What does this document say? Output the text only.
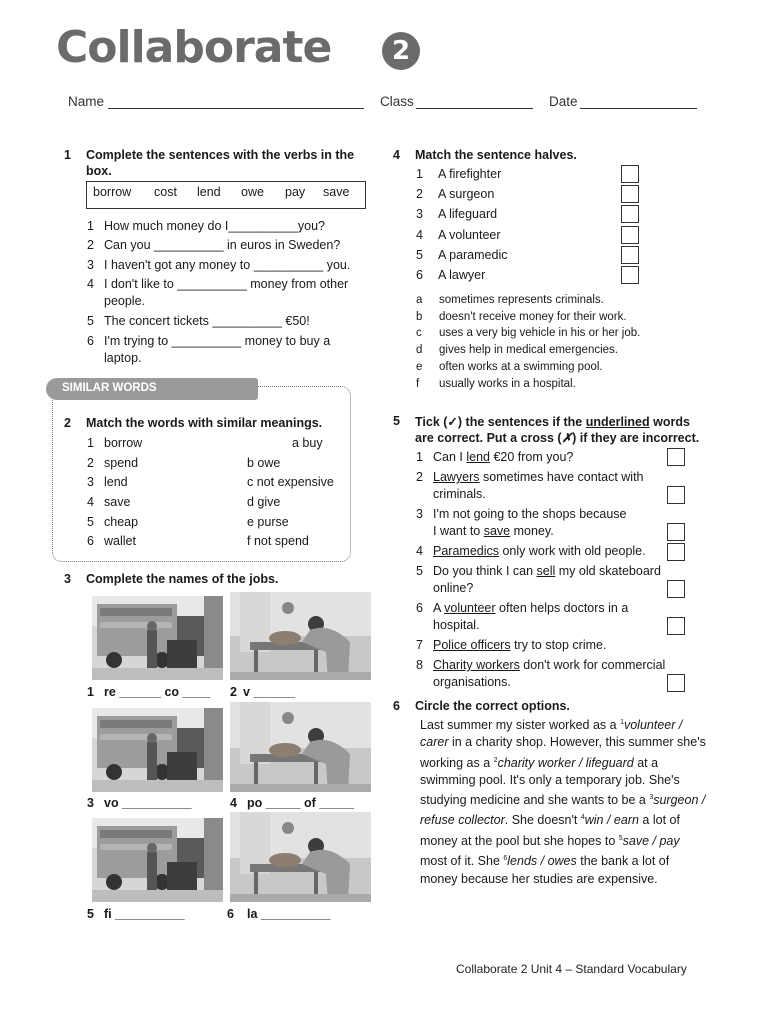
Collaborate	2
Name	Class	Date
1 Complete the sentences with the verbs in the
box.
borrow cost lend owe pay save
1 How much money do I__________you?
2 Can you __________ in euros in Sweden?
3 I haven't got any money to __________ you.
4 I don't like to __________ money from other
people.
5 The concert tickets __________ €50!
6 I'm trying to __________ money to buy a
laptop.
SIMILAR WORDS
2 Match the words with similar meanings.
1 borrow	a buy
2 spend	b owe
3 lend	c not expensive
4 save	d give
5 cheap	e purse
6 wallet	f not spend
3 Complete the names of the jobs.
1 re ______ co ____ 2 v ______
3 vo __________	4 po _____ of _____
5 fi __________	6 la __________
4 Match the sentence halves.
1 A firefighter
2 A surgeon
3 A lifeguard
4 A volunteer
5 A paramedic
6 A lawyer
a sometimes represents criminals.
b doesn't receive money for their work.
c uses a very big vehicle in his or her job.
d gives help in medical emergencies.
e often works at a swimming pool.
f usually works in a hospital.
5 Tick (✓) the sentences if the underlined words
are correct. Put a cross (✗) if they are incorrect.
1 Can I lend €20 from you?
2 Lawyers sometimes have contact with
criminals.
3 I'm not going to the shops because
I want to save money.
4 Paramedics only work with old people.
5 Do you think I can sell my old skateboard
online?
6 A volunteer often helps doctors in a
hospital.
7 Police officers try to stop crime.
8 Charity workers don't work for commercial
organisations.
6 Circle the correct options.
Last summer my sister worked as a $^1$volunteer / carer in a charity shop. However, this summer she's working as a $^2$charity worker / lifeguard at a swimming pool. It's only a temporary job. She's studying medicine and she wants to be a $^3$surgeon / refuse collector. She doesn't $^4$win / earn a lot of money at the pool but she hopes to $^5$save / pay most of it. She $^6$lends / owes the bank a lot of money because her studies are expensive.
Collaborate 2 Unit 4 – Standard Vocabulary
